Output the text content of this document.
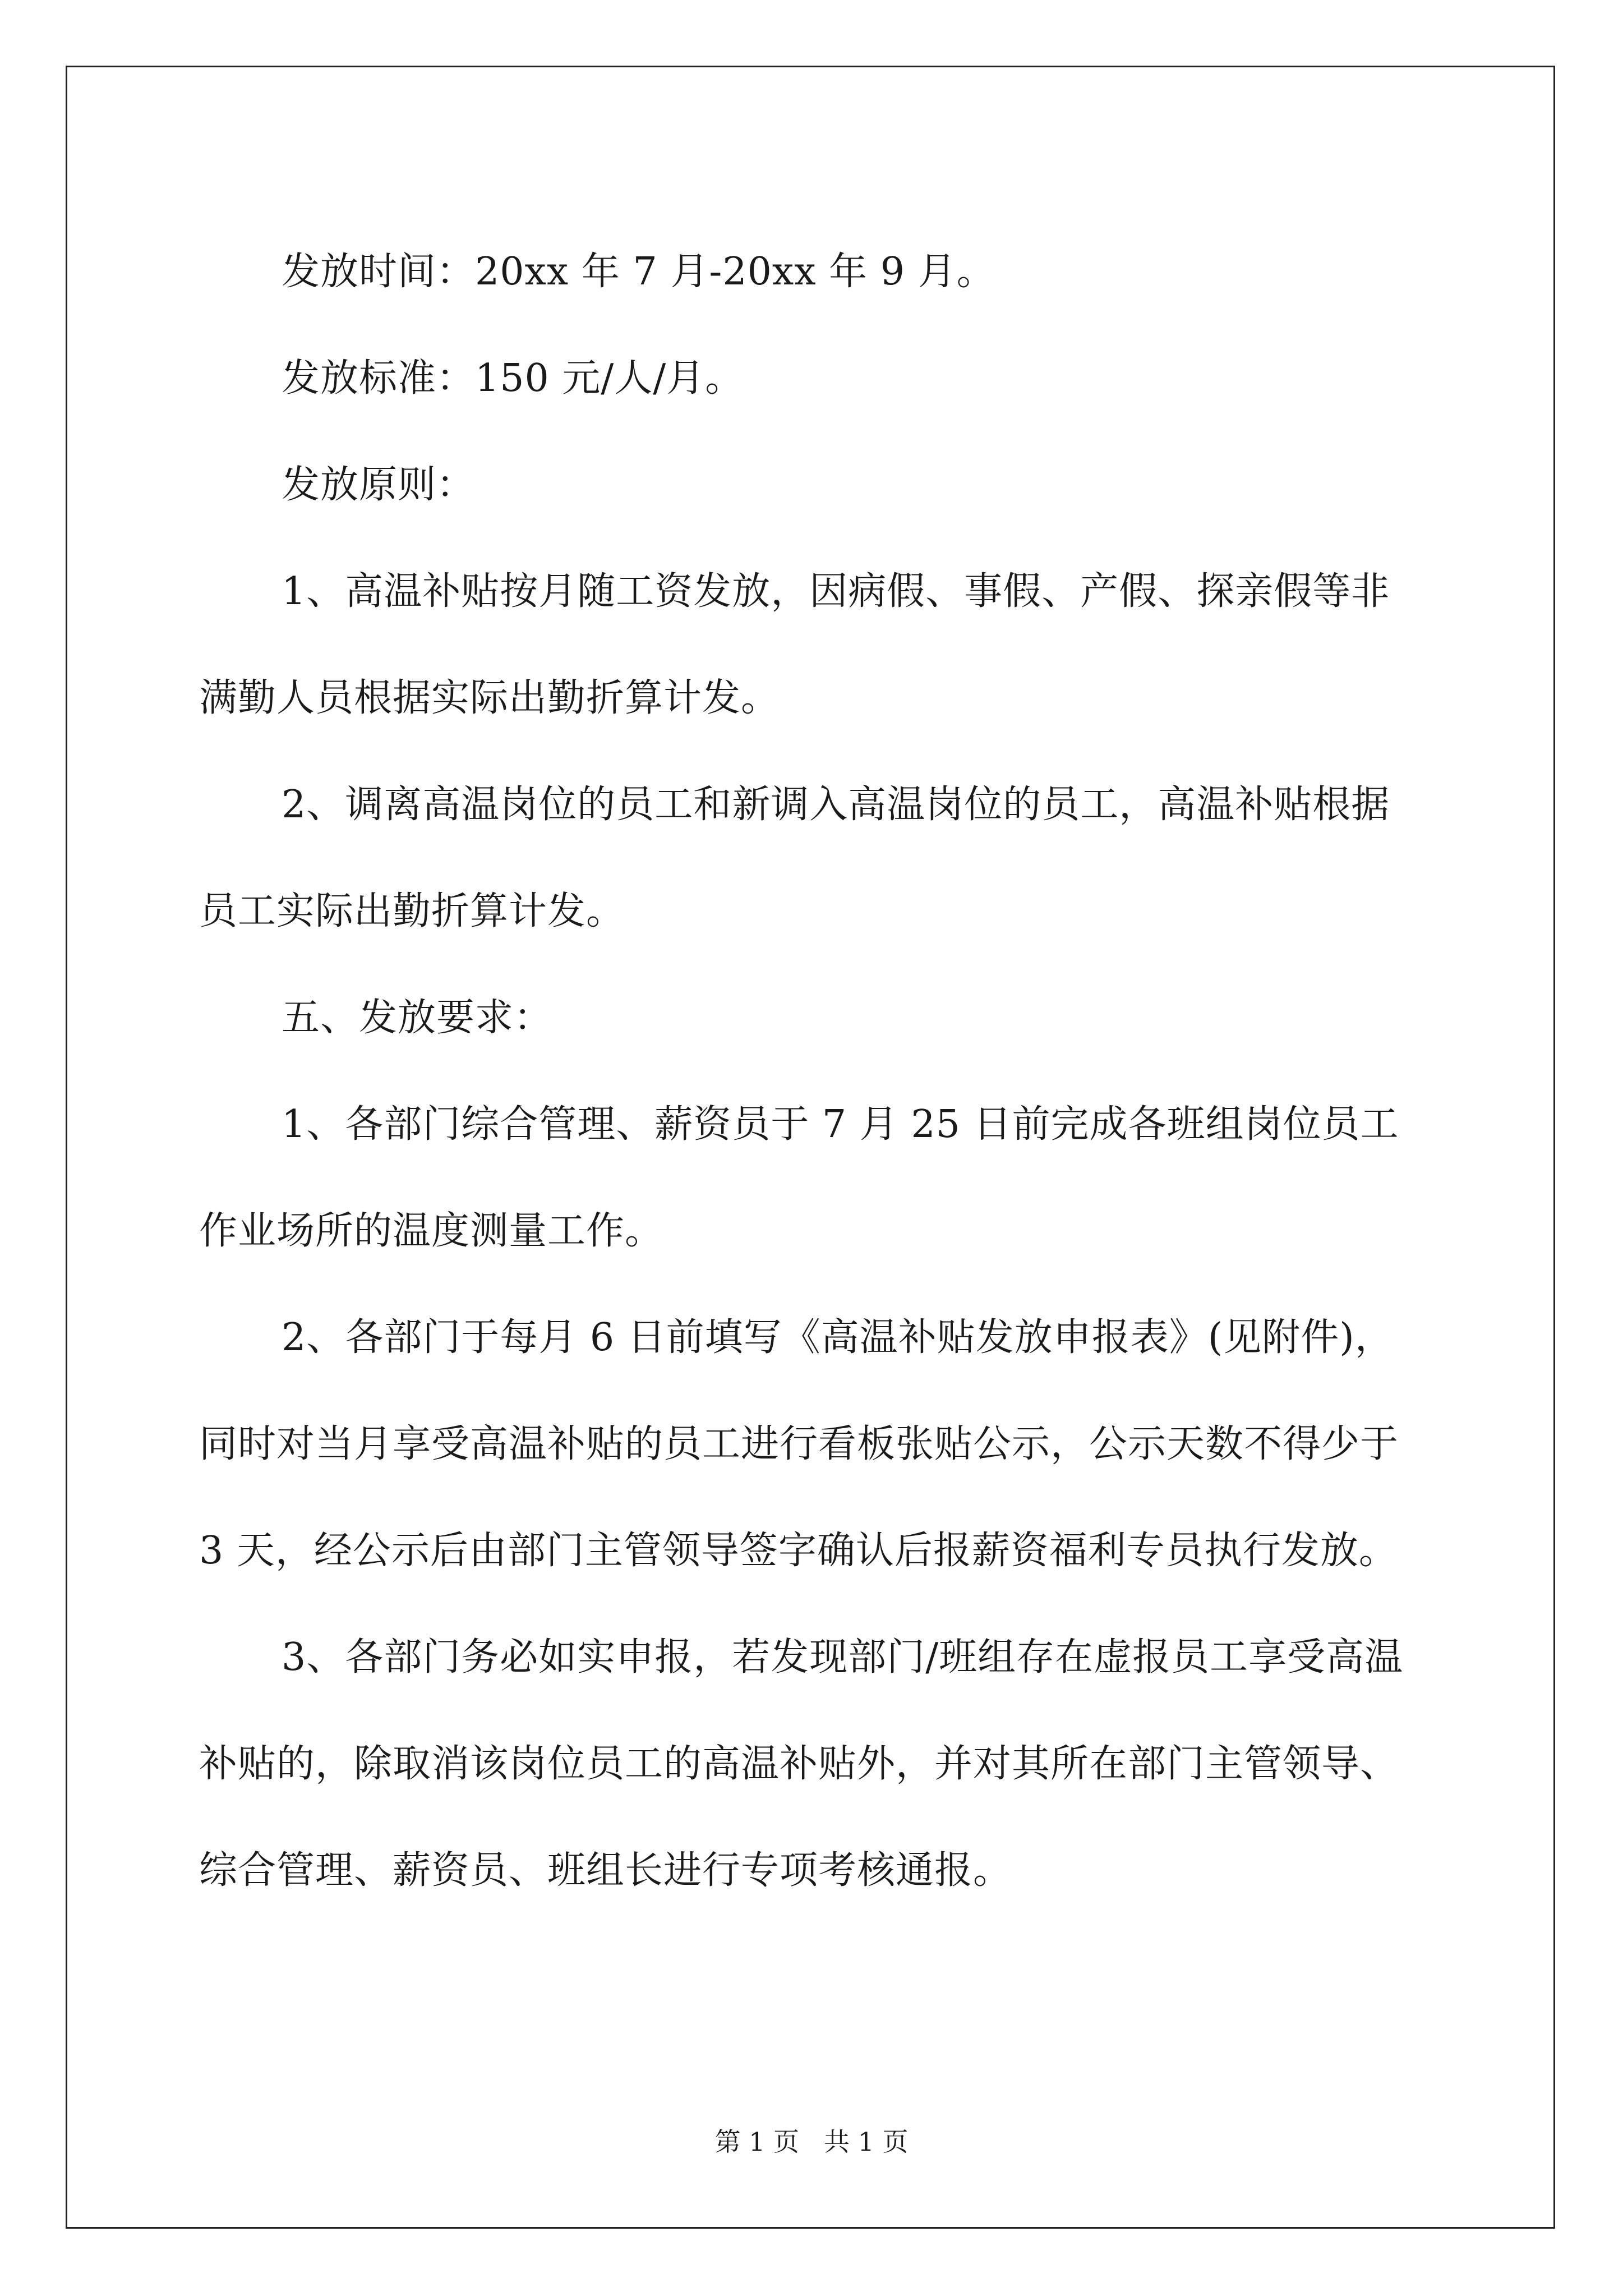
发放时间：20xx 年 7 月-20xx 年 9 月。

发放标准：150 元/人/月。

发放原则：

1、高温补贴按月随工资发放，因病假、事假、产假、探亲假等非满勤人员根据实际出勤折算计发。

2、调离高温岗位的员工和新调入高温岗位的员工，高温补贴根据员工实际出勤折算计发。

五、发放要求：

1、各部门综合管理、薪资员于 7 月 25 日前完成各班组岗位员工作业场所的温度测量工作。

2、各部门于每月 6 日前填写《高温补贴发放申报表》(见附件)，同时对当月享受高温补贴的员工进行看板张贴公示，公示天数不得少于 3 天，经公示后由部门主管领导签字确认后报薪资福利专员执行发放。

3、各部门务必如实申报，若发现部门/班组存在虚报员工享受高温补贴的，除取消该岗位员工的高温补贴外，并对其所在部门主管领导、综合管理、薪资员、班组长进行专项考核通报。

第 1 页 共 1 页
